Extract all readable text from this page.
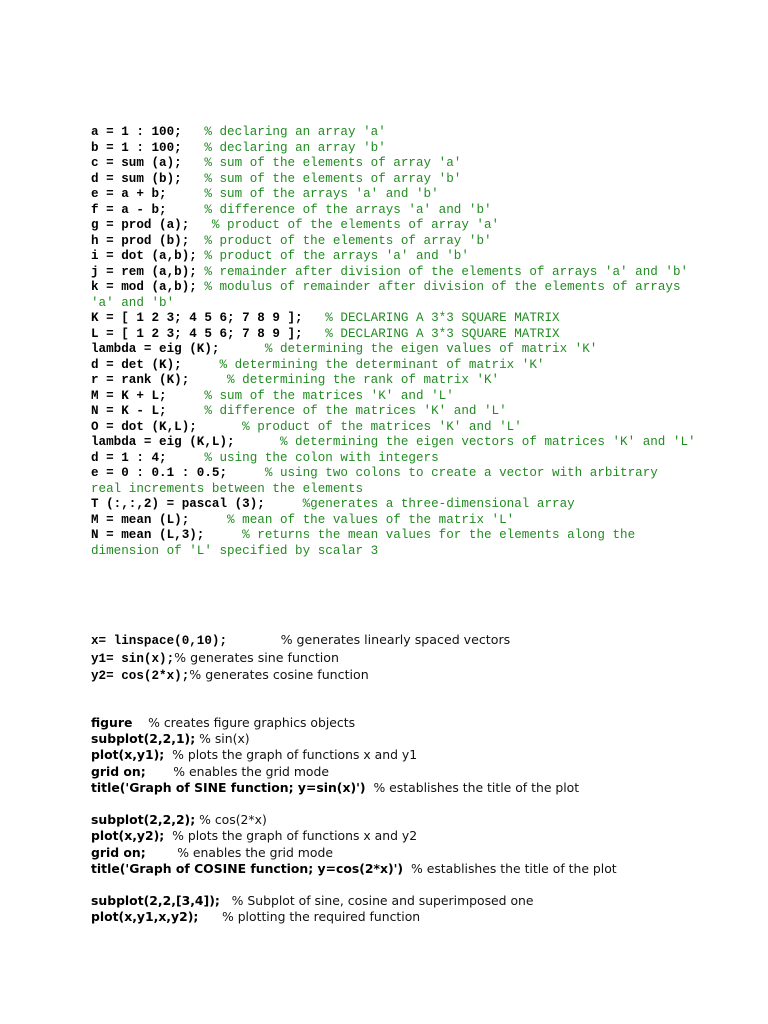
a = 1 : 100;   % declaring an array 'a'
b = 1 : 100;   % declaring an array 'b'
c = sum (a);   % sum of the elements of array 'a'
d = sum (b);   % sum of the elements of array 'b'
e = a + b;     % sum of the arrays 'a' and 'b'
f = a - b;     % difference of the arrays 'a' and 'b'
g = prod (a);   % product of the elements of array 'a'
h = prod (b);  % product of the elements of array 'b'
i = dot (a,b); % product of the arrays 'a' and 'b'
j = rem (a,b); % remainder after division of the elements of arrays 'a' and 'b'
k = mod (a,b); % modulus of remainder after division of the elements of arrays 'a' and 'b'
K = [ 1 2 3; 4 5 6; 7 8 9 ];   % DECLARING A 3*3 SQUARE MATRIX
L = [ 1 2 3; 4 5 6; 7 8 9 ];   % DECLARING A 3*3 SQUARE MATRIX
lambda = eig (K);      % determining the eigen values of matrix 'K'
d = det (K);     % determining the determinant of matrix 'K'
r = rank (K);     % determining the rank of matrix 'K'
M = K + L;     % sum of the matrices 'K' and 'L'
N = K - L;     % difference of the matrices 'K' and 'L'
O = dot (K,L);      % product of the matrices 'K' and 'L'
lambda = eig (K,L);      % determining the eigen vectors of matrices 'K' and 'L'
d = 1 : 4;     % using the colon with integers
e = 0 : 0.1 : 0.5;     % using two colons to create a vector with arbitrary real increments between the elements
T (:,:,2) = pascal (3);     %generates a three-dimensional array
M = mean (L);     % mean of the values of the matrix 'L'
N = mean (L,3);     % returns the mean values for the elements along the dimension of 'L' specified by scalar 3
x= linspace(0,10);	% generates linearly spaced vectors
y1= sin(x);% generates sine function
y2= cos(2*x);% generates cosine function
figure % creates figure graphics objects
subplot(2,2,1); % sin(x)
plot(x,y1); % plots the graph of functions x and y1
grid on; % enables the grid mode
title('Graph of SINE function; y=sin(x)') % establishes the title of the plot
subplot(2,2,2); % cos(2*x)
plot(x,y2); % plots the graph of functions x and y2
grid on;	% enables the grid mode
title('Graph of COSINE function; y=cos(2*x)') % establishes the title of the plot
subplot(2,2,[3,4]); % Subplot of sine, cosine and superimposed one
plot(x,y1,x,y2); % plotting the required function
